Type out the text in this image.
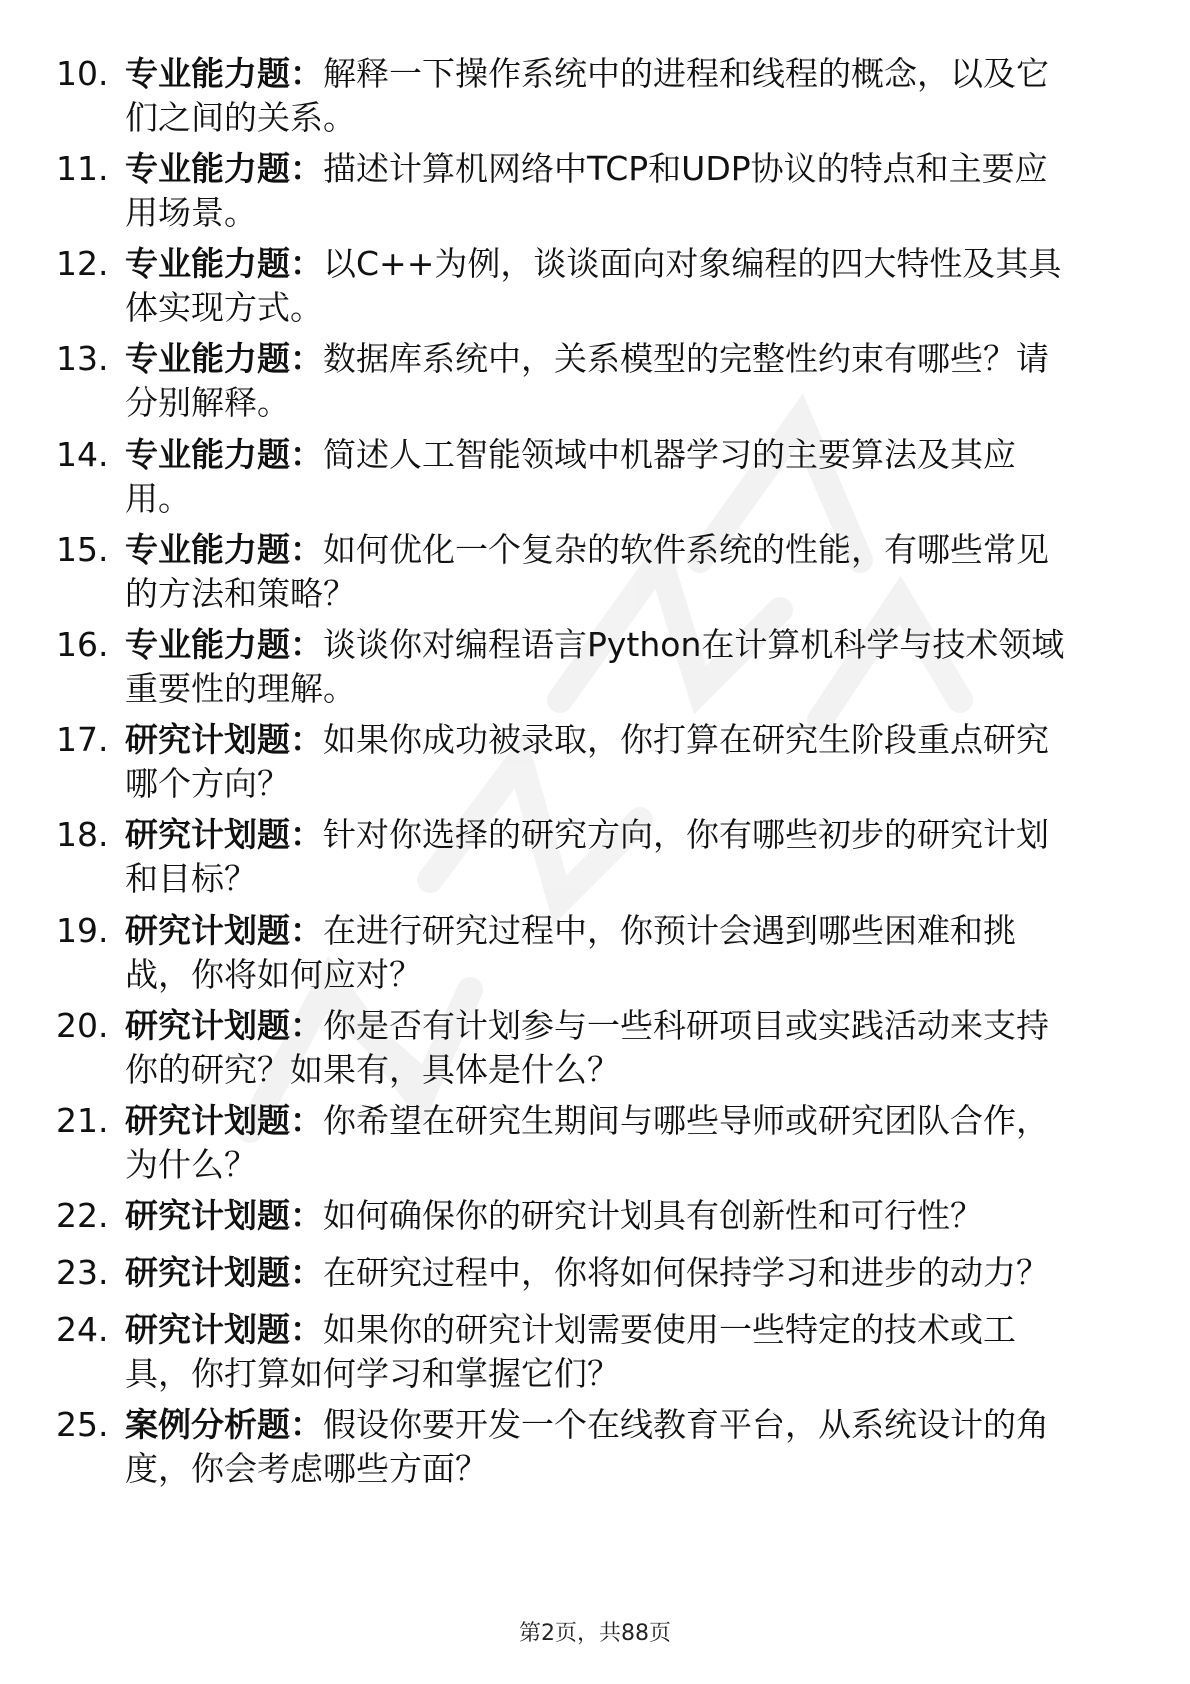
10. 专业能力题：解释一下操作系统中的进程和线程的概念，以及它
们之间的关系。
11. 专业能力题：描述计算机网络中TCP和UDP协议的特点和主要应
用场景。
12. 专业能力题：以C++为例，谈谈面向对象编程的四大特性及其具
体实现方式。
13. 专业能力题：数据库系统中，关系模型的完整性约束有哪些？请
分别解释。
14. 专业能力题：简述人工智能领域中机器学习的主要算法及其应
用。
15. 专业能力题：如何优化一个复杂的软件系统的性能，有哪些常见
的方法和策略？
16. 专业能力题：谈谈你对编程语言Python在计算机科学与技术领域
重要性的理解。
17. 研究计划题：如果你成功被录取，你打算在研究生阶段重点研究
哪个方向？
18. 研究计划题：针对你选择的研究方向，你有哪些初步的研究计划
和目标？
19. 研究计划题：在进行研究过程中，你预计会遇到哪些困难和挑
战，你将如何应对？
20. 研究计划题：你是否有计划参与一些科研项目或实践活动来支持
你的研究？如果有，具体是什么？
21. 研究计划题：你希望在研究生期间与哪些导师或研究团队合作，
为什么？
22. 研究计划题：如何确保你的研究计划具有创新性和可行性？
23. 研究计划题：在研究过程中，你将如何保持学习和进步的动力？
24. 研究计划题：如果你的研究计划需要使用一些特定的技术或工
具，你打算如何学习和掌握它们？
25. 案例分析题：假设你要开发一个在线教育平台，从系统设计的角
度，你会考虑哪些方面？
第2页，共88页
